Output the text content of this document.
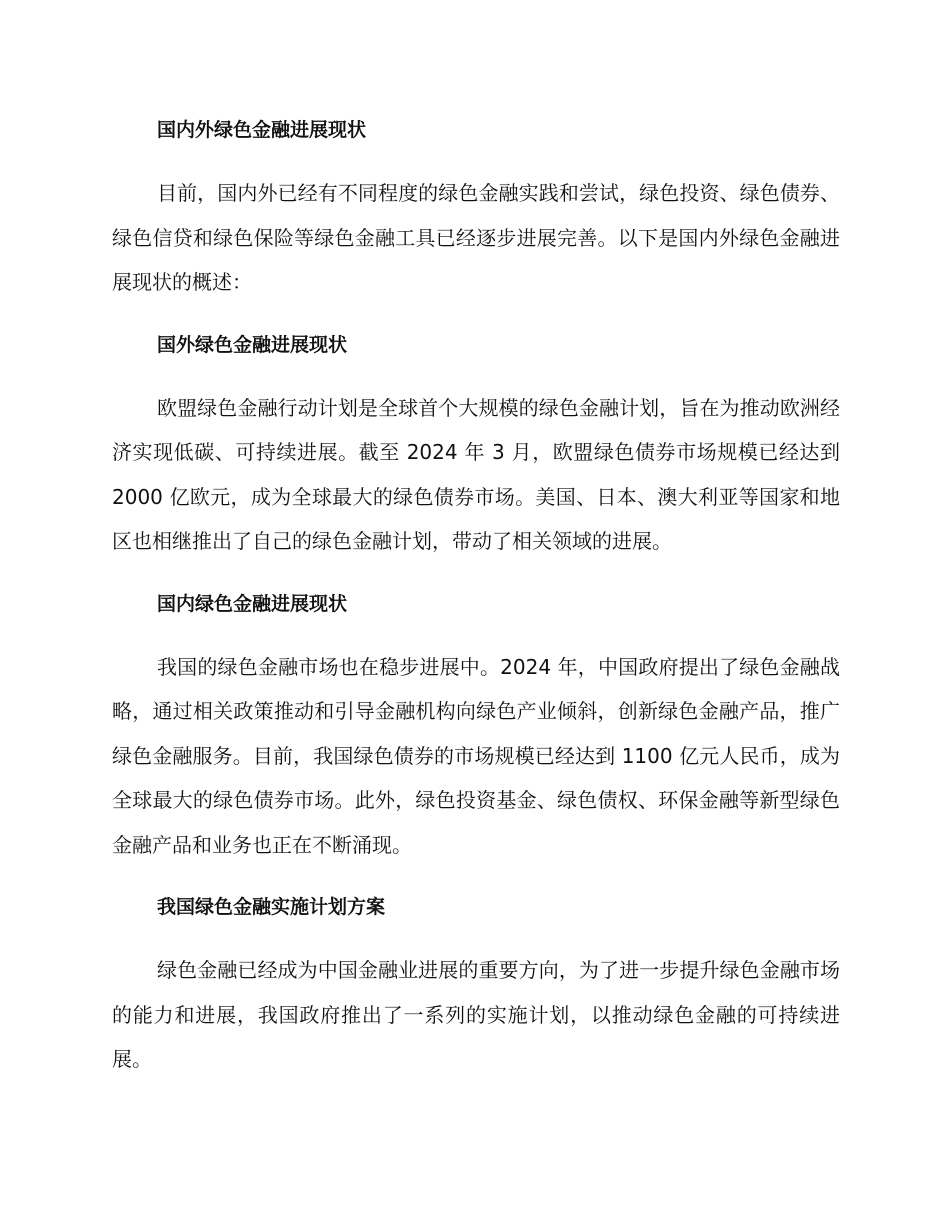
国内外绿色金融进展现状

目前，国内外已经有不同程度的绿色金融实践和尝试，绿色投资、绿色债券、绿色信贷和绿色保险等绿色金融工具已经逐步进展完善。以下是国内外绿色金融进展现状的概述：

国外绿色金融进展现状

欧盟绿色金融行动计划是全球首个大规模的绿色金融计划，旨在为推动欧洲经济实现低碳、可持续进展。截至 2024 年 3 月，欧盟绿色债券市场规模已经达到 2000 亿欧元，成为全球最大的绿色债券市场。美国、日本、澳大利亚等国家和地区也相继推出了自己的绿色金融计划，带动了相关领域的进展。

国内绿色金融进展现状

我国的绿色金融市场也在稳步进展中。2024 年，中国政府提出了绿色金融战略，通过相关政策推动和引导金融机构向绿色产业倾斜，创新绿色金融产品，推广绿色金融服务。目前，我国绿色债券的市场规模已经达到 1100 亿元人民币，成为全球最大的绿色债券市场。此外，绿色投资基金、绿色债权、环保金融等新型绿色金融产品和业务也正在不断涌现。

我国绿色金融实施计划方案

绿色金融已经成为中国金融业进展的重要方向，为了进一步提升绿色金融市场的能力和进展，我国政府推出了一系列的实施计划，以推动绿色金融的可持续进展。
